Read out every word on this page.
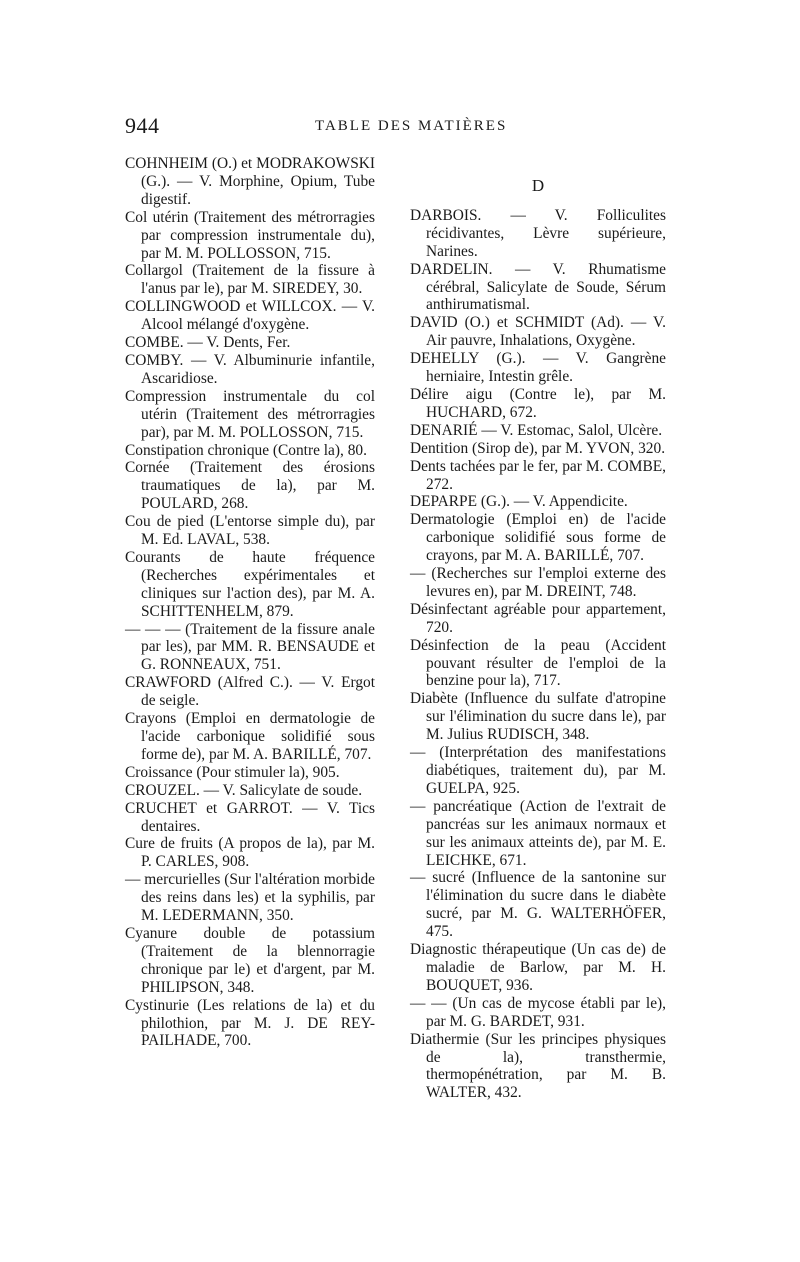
944	TABLE DES MATIÈRES

COHNHEIM (O.) et MODRAKOWSKI (G.). — V. Morphine, Opium, Tube digestif.

Col utérin (Traitement des métrorragies par compression instrumentale du), par M. M. POLLOSSON, 715.

Collargol (Traitement de la fissure à l'anus par le), par M. SIREDEY, 30.

COLLINGWOOD et WILLCOX. — V. Alcool mélangé d'oxygène.

COMBE. — V. Dents, Fer.

COMBY. — V. Albuminurie infantile, Ascaridiose.

Compression instrumentale du col utérin (Traitement des métrorragies par), par M. M. POLLOSSON, 715.

Constipation chronique (Contre la), 80.

Cornée (Traitement des érosions traumatiques de la), par M. POULARD, 268.

Cou de pied (L'entorse simple du), par M. Ed. LAVAL, 538.

Courants de haute fréquence (Recherches expérimentales et cliniques sur l'action des), par M. A. SCHITTENHELM, 879.

— — — (Traitement de la fissure anale par les), par MM. R. BENSAUDE et G. RONNEAUX, 751.

CRAWFORD (Alfred C.). — V. Ergot de seigle.

Crayons (Emploi en dermatologie de l'acide carbonique solidifié sous forme de), par M. A. BARILLÉ, 707.

Croissance (Pour stimuler la), 905.

CROUZEL. — V. Salicylate de soude.

CRUCHET et GARROT. — V. Tics dentaires.

Cure de fruits (A propos de la), par M. P. CARLES, 908.

— mercurielles (Sur l'altération morbide des reins dans les) et la syphilis, par M. LEDERMANN, 350.

Cyanure double de potassium (Traitement de la blennorragie chronique par le) et d'argent, par M. PHILIPSON, 348.

Cystinurie (Les relations de la) et du philothion, par M. J. DE REY-PAILHADE, 700.

D

DARBOIS. — V. Folliculites récidivantes, Lèvre supérieure, Narines.

DARDELIN. — V. Rhumatisme cérébral, Salicylate de Soude, Sérum anthirumatismal.

DAVID (O.) et SCHMIDT (Ad). — V. Air pauvre, Inhalations, Oxygène.

DEHELLY (G.). — V. Gangrène herniaire, Intestin grêle.

Délire aigu (Contre le), par M. HUCHARD, 672.

DENARIÉ — V. Estomac, Salol, Ulcère.

Dentition (Sirop de), par M. YVON, 320.

Dents tachées par le fer, par M. COMBE, 272.

DEPARPE (G.). — V. Appendicite.

Dermatologie (Emploi en) de l'acide carbonique solidifié sous forme de crayons, par M. A. BARILLÉ, 707.

— (Recherches sur l'emploi externe des levures en), par M. DREINT, 748.

Désinfectant agréable pour appartement, 720.

Désinfection de la peau (Accident pouvant résulter de l'emploi de la benzine pour la), 717.

Diabète (Influence du sulfate d'atropine sur l'élimination du sucre dans le), par M. Julius RUDISCH, 348.

— (Interprétation des manifestations diabétiques, traitement du), par M. GUELPA, 925.

— pancréatique (Action de l'extrait de pancréas sur les animaux normaux et sur les animaux atteints de), par M. E. LEICHKE, 671.

— sucré (Influence de la santonine sur l'élimination du sucre dans le diabète sucré, par M. G. WALTERHÖFER, 475.

Diagnostic thérapeutique (Un cas de) de maladie de Barlow, par M. H. BOUQUET, 936.

— — (Un cas de mycose établi par le), par M. G. BARDET, 931.

Diathermie (Sur les principes physiques de la), transthermie, thermopénétration, par M. B. WALTER, 432.
